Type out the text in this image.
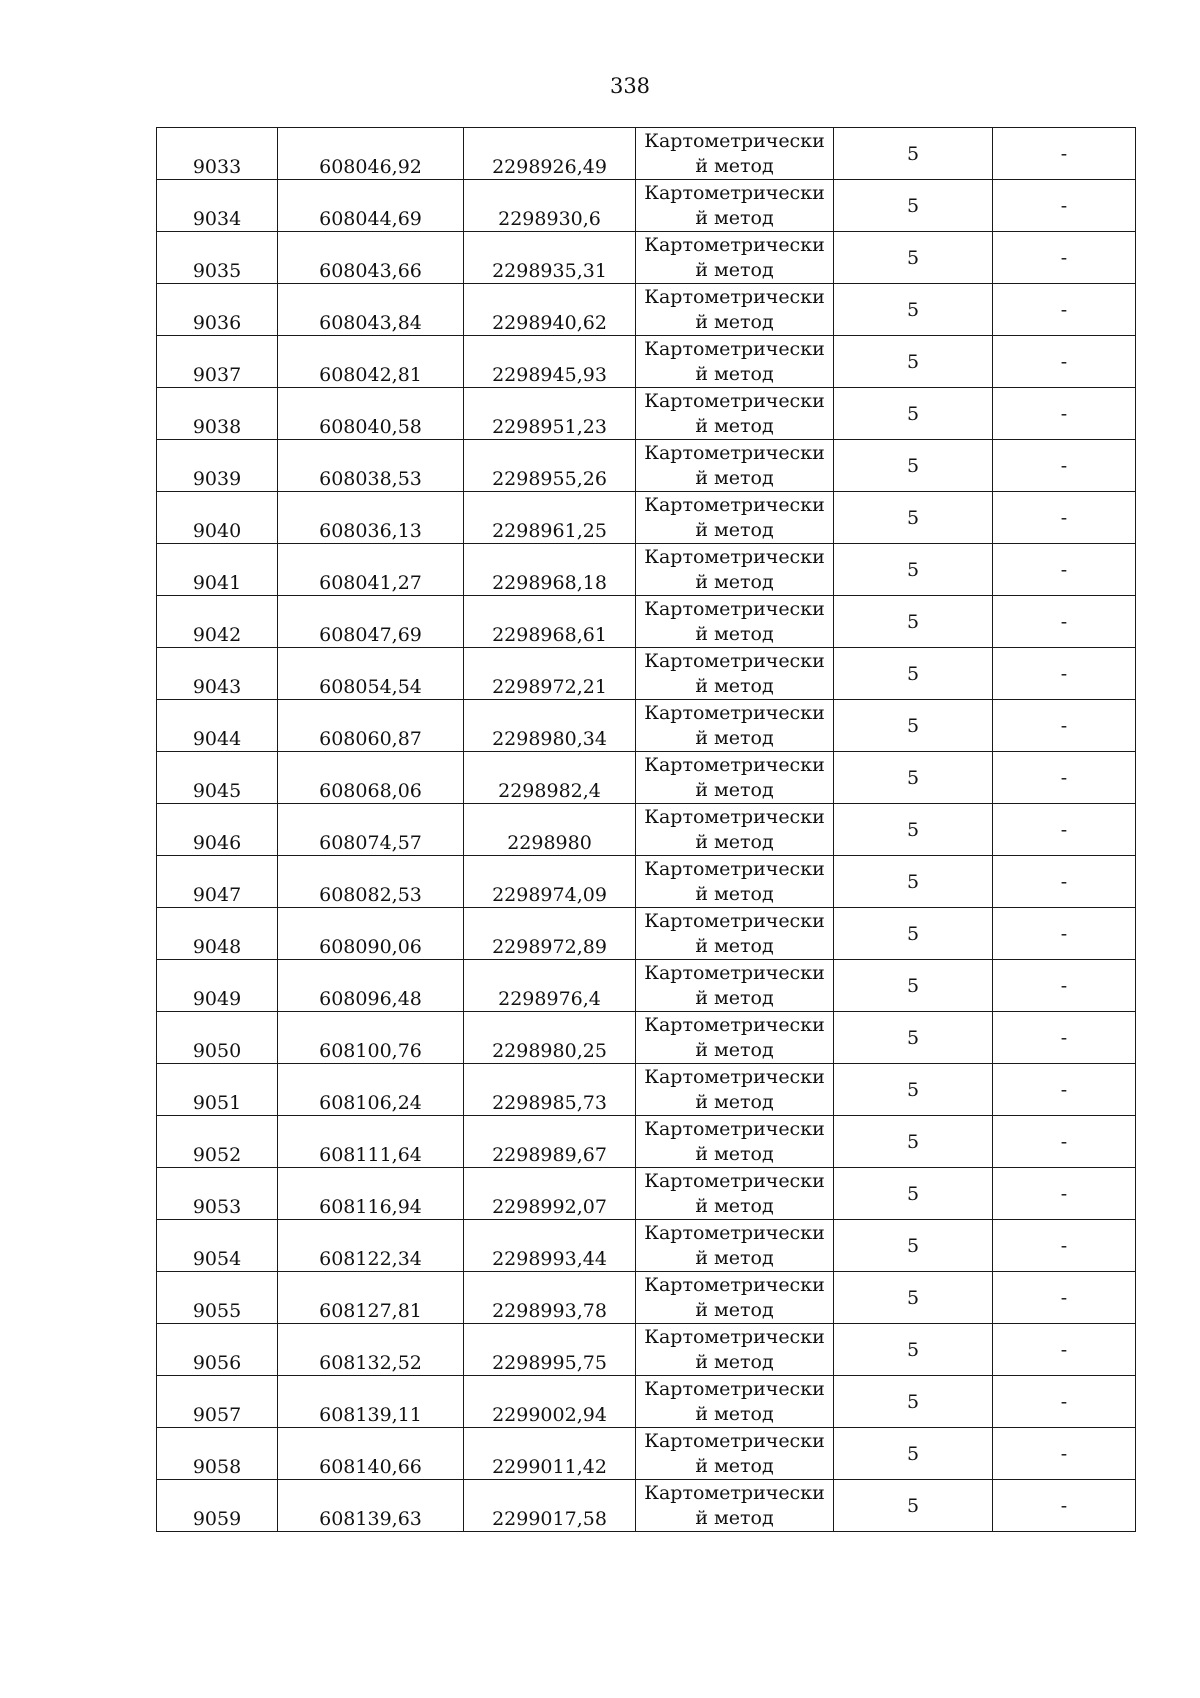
338
9033	608046,92	2298926,49	Картометрически
й метод	5	-
9034	608044,69	2298930,6	Картометрически
й метод	5	-
9035	608043,66	2298935,31	Картометрически
й метод	5	-
9036	608043,84	2298940,62	Картометрически
й метод	5	-
9037	608042,81	2298945,93	Картометрически
й метод	5	-
9038	608040,58	2298951,23	Картометрически
й метод	5	-
9039	608038,53	2298955,26	Картометрически
й метод	5	-
9040	608036,13	2298961,25	Картометрически
й метод	5	-
9041	608041,27	2298968,18	Картометрически
й метод	5	-
9042	608047,69	2298968,61	Картометрически
й метод	5	-
9043	608054,54	2298972,21	Картометрически
й метод	5	-
9044	608060,87	2298980,34	Картометрически
й метод	5	-
9045	608068,06	2298982,4	Картометрически
й метод	5	-
9046	608074,57	2298980	Картометрически
й метод	5	-
9047	608082,53	2298974,09	Картометрически
й метод	5	-
9048	608090,06	2298972,89	Картометрически
й метод	5	-
9049	608096,48	2298976,4	Картометрически
й метод	5	-
9050	608100,76	2298980,25	Картометрически
й метод	5	-
9051	608106,24	2298985,73	Картометрически
й метод	5	-
9052	608111,64	2298989,67	Картометрически
й метод	5	-
9053	608116,94	2298992,07	Картометрически
й метод	5	-
9054	608122,34	2298993,44	Картометрически
й метод	5	-
9055	608127,81	2298993,78	Картометрически
й метод	5	-
9056	608132,52	2298995,75	Картометрически
й метод	5	-
9057	608139,11	2299002,94	Картометрически
й метод	5	-
9058	608140,66	2299011,42	Картометрически
й метод	5	-
9059	608139,63	2299017,58	Картометрически
й метод	5	-
